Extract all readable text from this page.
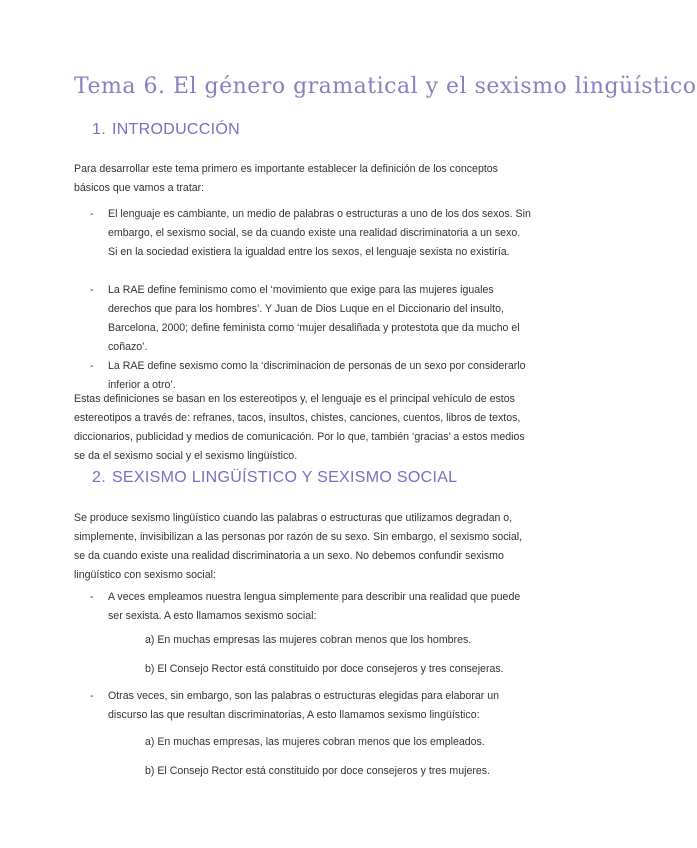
Tema 6. El género gramatical y el sexismo lingüístico
1. INTRODUCCIÓN

Para desarrollar este tema primero es importante establecer la definición de los conceptos básicos que vamos a tratar:

-	El lenguaje es cambiante, un medio de palabras o estructuras a uno de los dos sexos. Sin embargo, el sexismo social, se da cuando existe una realidad discriminatoria a un sexo. Si en la sociedad existiera la igualdad entre los sexos, el lenguaje sexista no existiría.
-	La RAE define feminismo como el ‘movimiento que exige para las mujeres iguales derechos que para los hombres’. Y Juan de Dios Luque en el Diccionario del insulto, Barcelona, 2000; define feminista como ‘mujer desaliñada y protestota que da mucho el coñazo’.
-	La RAE define sexismo como la ‘discriminacion de personas de un sexo por considerarlo inferior a otro’.

Estas definiciones se basan en los estereotipos y, el lenguaje es el principal vehículo de estos estereotipos a través de: refranes, tacos, insultos, chistes, canciones, cuentos, libros de textos, diccionarios, publicidad y medios de comunicación. Por lo que, también ‘gracias’ a estos medios se da el sexismo social y el sexismo lingüístico.

2. SEXISMO LINGÜÍSTICO Y SEXISMO SOCIAL

Se produce sexismo lingüístico cuando las palabras o estructuras que utilizamos degradan o, simplemente, invisibilizan a las personas por razón de su sexo. Sin embargo, el sexismo social, se da cuando existe una realidad discriminatoria a un sexo. No debemos confundir sexismo lingüístico con sexismo social:

-	A veces empleamos nuestra lengua simplemente para describir una realidad que puede ser sexista. A esto llamamos sexismo social:

a) En muchas empresas las mujeres cobran menos que los hombres.

b) El Consejo Rector está constituido por doce consejeros y tres consejeras.

-	Otras veces, sin embargo, son las palabras o estructuras elegidas para elaborar un discurso las que resultan discriminatorias, A esto llamamos sexismo lingüístico:

a) En muchas empresas, las mujeres cobran menos que los empleados.

b) El Consejo Rector está constituido por doce consejeros y tres mujeres.
